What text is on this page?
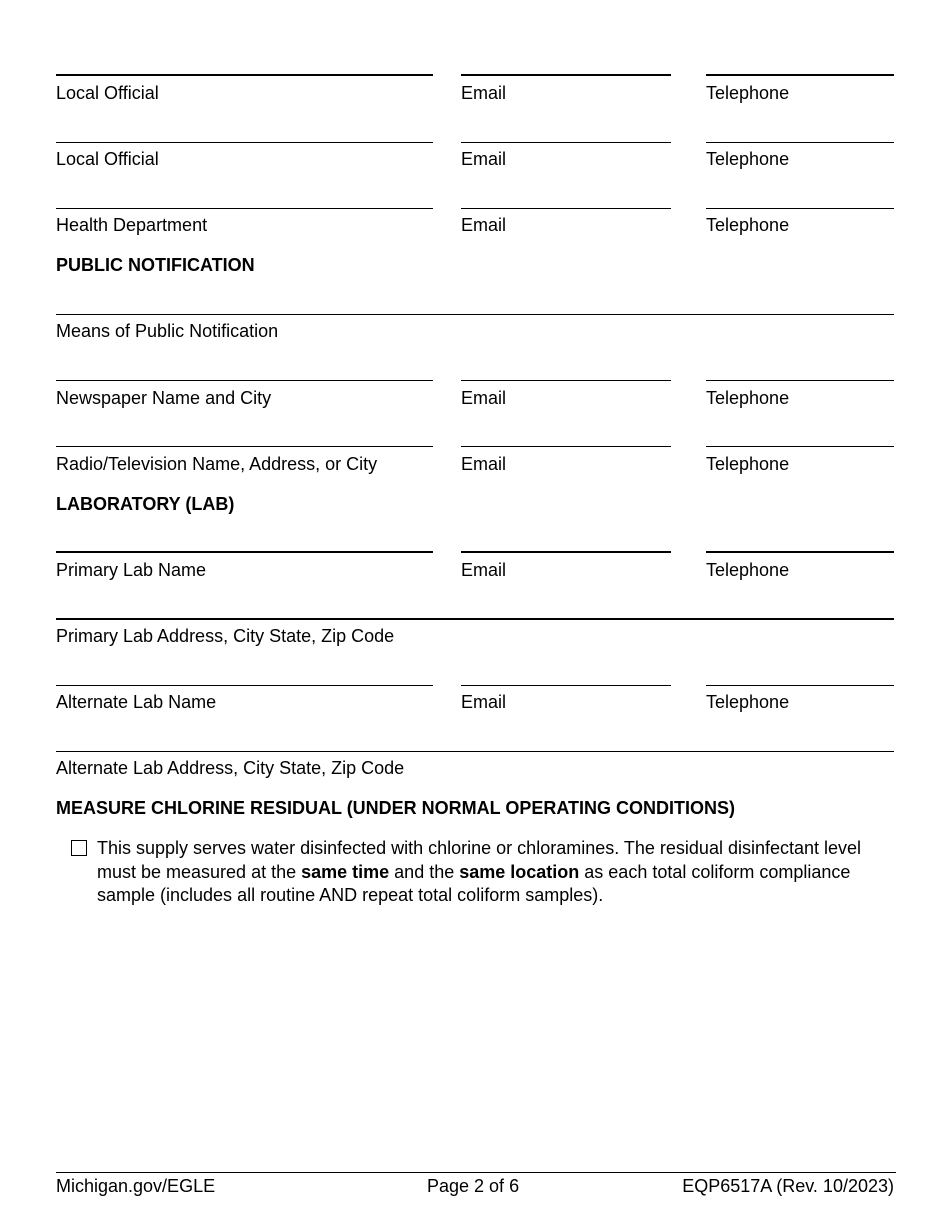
Local Official	Email	Telephone
Local Official	Email	Telephone
Health Department	Email	Telephone
PUBLIC NOTIFICATION
Means of Public Notification
Newspaper Name and City	Email	Telephone
Radio/Television Name, Address, or City	Email	Telephone
LABORATORY (LAB)
Primary Lab Name	Email	Telephone
Primary Lab Address, City State, Zip Code
Alternate Lab Name	Email	Telephone
Alternate Lab Address, City State, Zip Code
MEASURE CHLORINE RESIDUAL (UNDER NORMAL OPERATING CONDITIONS)
This supply serves water disinfected with chlorine or chloramines. The residual disinfectant level must be measured at the same time and the same location as each total coliform compliance sample (includes all routine AND repeat total coliform samples).
Michigan.gov/EGLE	Page 2 of 6	EQP6517A (Rev. 10/2023)
